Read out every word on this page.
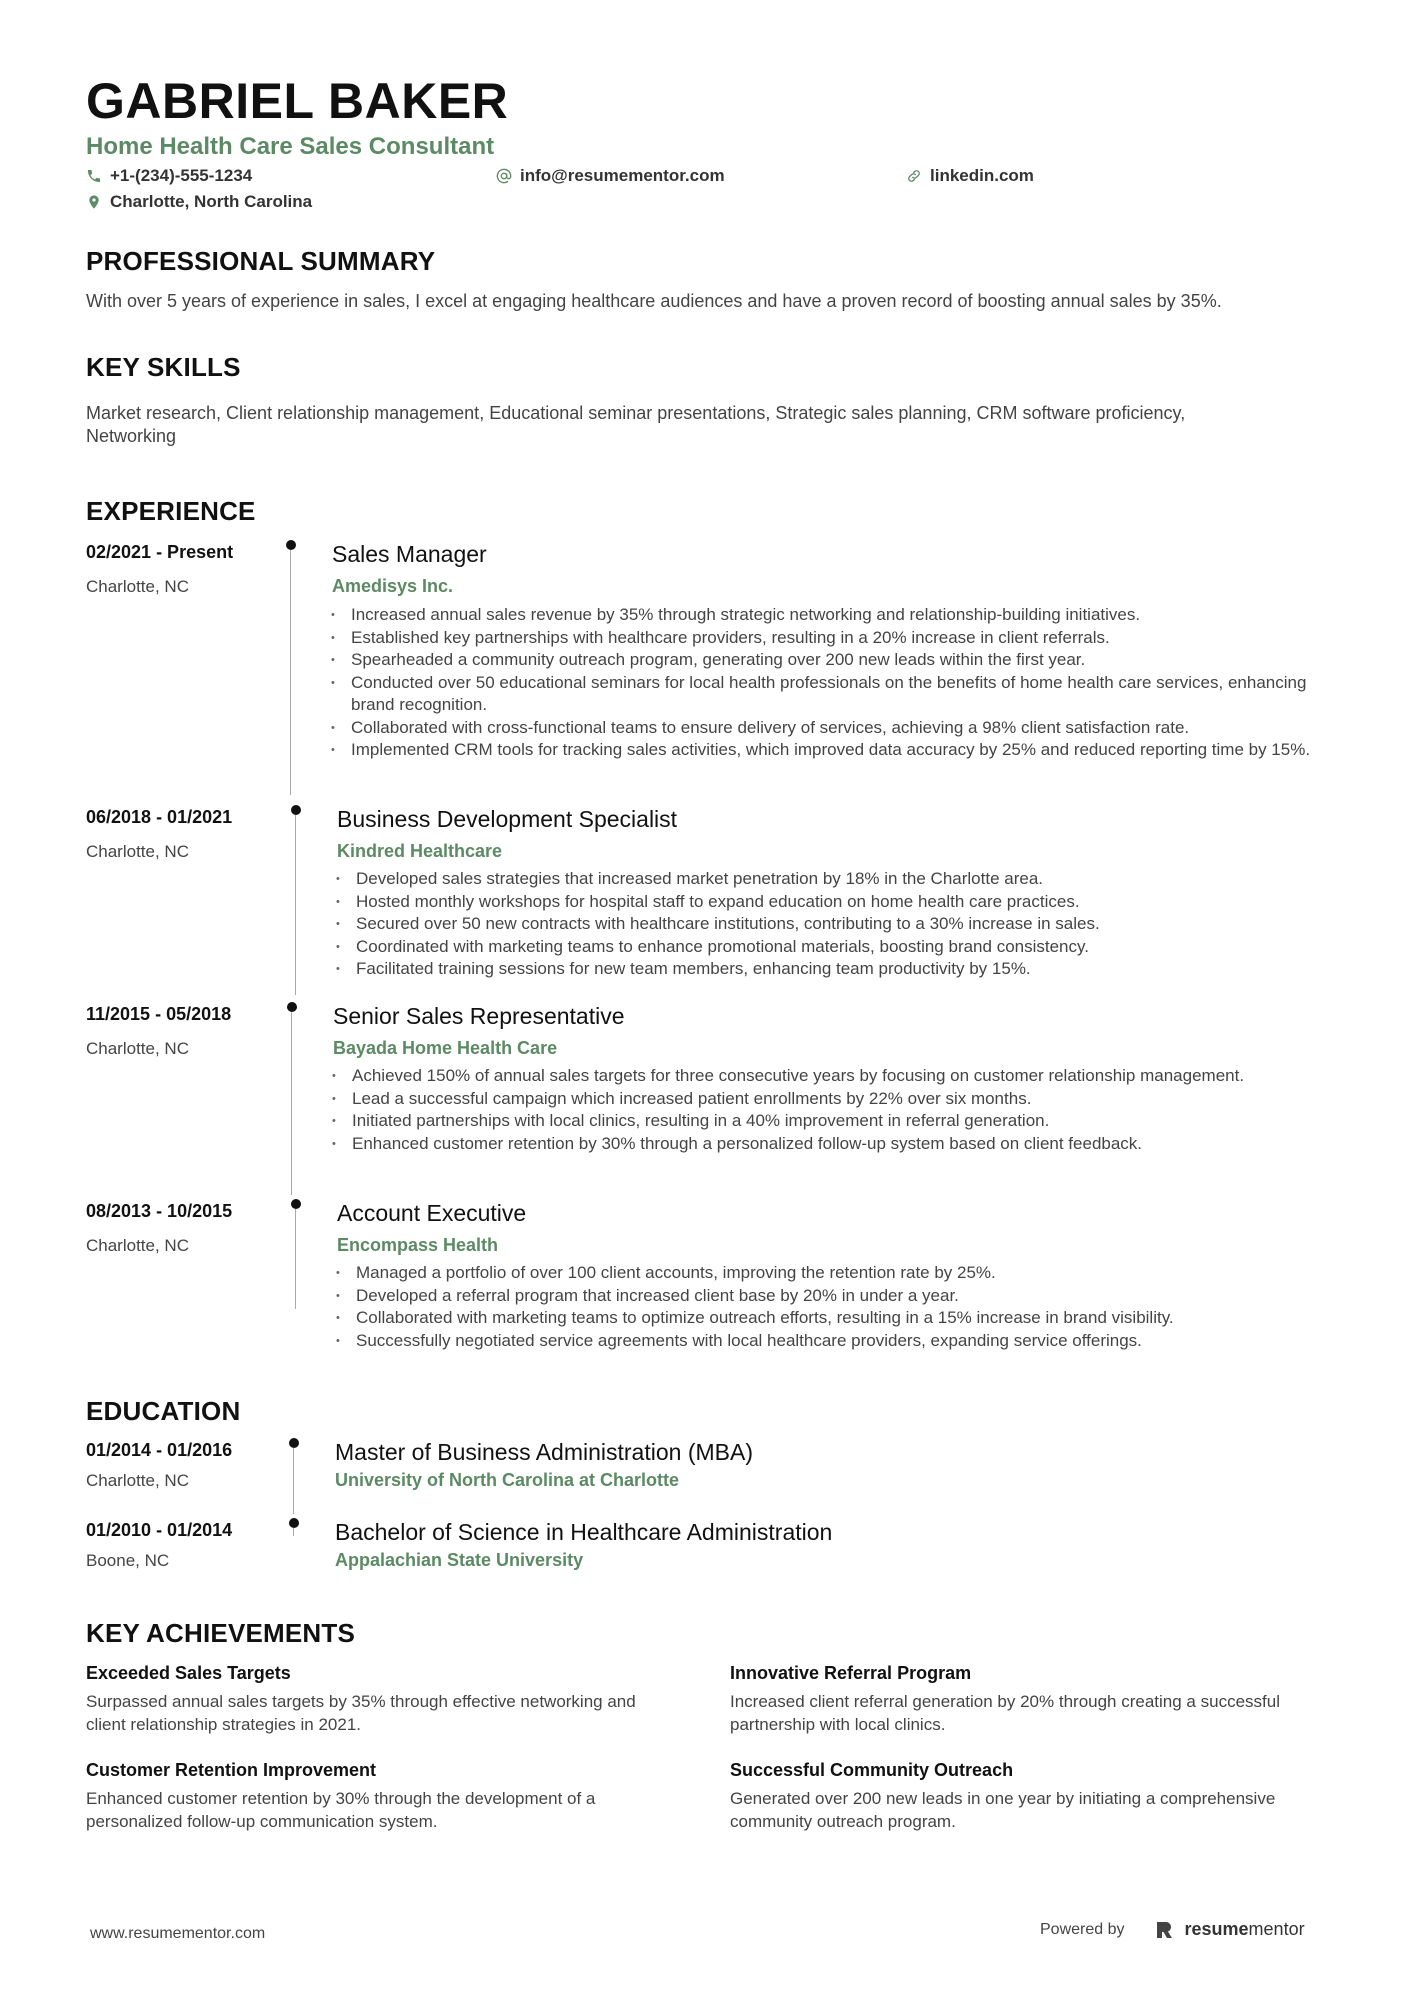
GABRIEL BAKER
Home Health Care Sales Consultant
+1-(234)-555-1234	info@resumementor.com	linkedin.com
Charlotte, North Carolina
PROFESSIONAL SUMMARY
With over 5 years of experience in sales, I excel at engaging healthcare audiences and have a proven record of boosting annual sales by 35%.
KEY SKILLS
Market research, Client relationship management, Educational seminar presentations, Strategic sales planning, CRM software proficiency, Networking
EXPERIENCE
02/2021 - Present
Charlotte, NC
Sales Manager
Amedisys Inc.
• Increased annual sales revenue by 35% through strategic networking and relationship-building initiatives.
• Established key partnerships with healthcare providers, resulting in a 20% increase in client referrals.
• Spearheaded a community outreach program, generating over 200 new leads within the first year.
• Conducted over 50 educational seminars for local health professionals on the benefits of home health care services, enhancing brand recognition.
• Collaborated with cross-functional teams to ensure delivery of services, achieving a 98% client satisfaction rate.
• Implemented CRM tools for tracking sales activities, which improved data accuracy by 25% and reduced reporting time by 15%.
06/2018 - 01/2021
Charlotte, NC
Business Development Specialist
Kindred Healthcare
• Developed sales strategies that increased market penetration by 18% in the Charlotte area.
• Hosted monthly workshops for hospital staff to expand education on home health care practices.
• Secured over 50 new contracts with healthcare institutions, contributing to a 30% increase in sales.
• Coordinated with marketing teams to enhance promotional materials, boosting brand consistency.
• Facilitated training sessions for new team members, enhancing team productivity by 15%.
11/2015 - 05/2018
Charlotte, NC
Senior Sales Representative
Bayada Home Health Care
• Achieved 150% of annual sales targets for three consecutive years by focusing on customer relationship management.
• Lead a successful campaign which increased patient enrollments by 22% over six months.
• Initiated partnerships with local clinics, resulting in a 40% improvement in referral generation.
• Enhanced customer retention by 30% through a personalized follow-up system based on client feedback.
08/2013 - 10/2015
Charlotte, NC
Account Executive
Encompass Health
• Managed a portfolio of over 100 client accounts, improving the retention rate by 25%.
• Developed a referral program that increased client base by 20% in under a year.
• Collaborated with marketing teams to optimize outreach efforts, resulting in a 15% increase in brand visibility.
• Successfully negotiated service agreements with local healthcare providers, expanding service offerings.
EDUCATION
01/2014 - 01/2016
Charlotte, NC
Master of Business Administration (MBA)
University of North Carolina at Charlotte
01/2010 - 01/2014
Boone, NC
Bachelor of Science in Healthcare Administration
Appalachian State University
KEY ACHIEVEMENTS
Exceeded Sales Targets
Surpassed annual sales targets by 35% through effective networking and client relationship strategies in 2021.
Innovative Referral Program
Increased client referral generation by 20% through creating a successful partnership with local clinics.
Customer Retention Improvement
Enhanced customer retention by 30% through the development of a personalized follow-up communication system.
Successful Community Outreach
Generated over 200 new leads in one year by initiating a comprehensive community outreach program.
www.resumementor.com	Powered by	resumementor
